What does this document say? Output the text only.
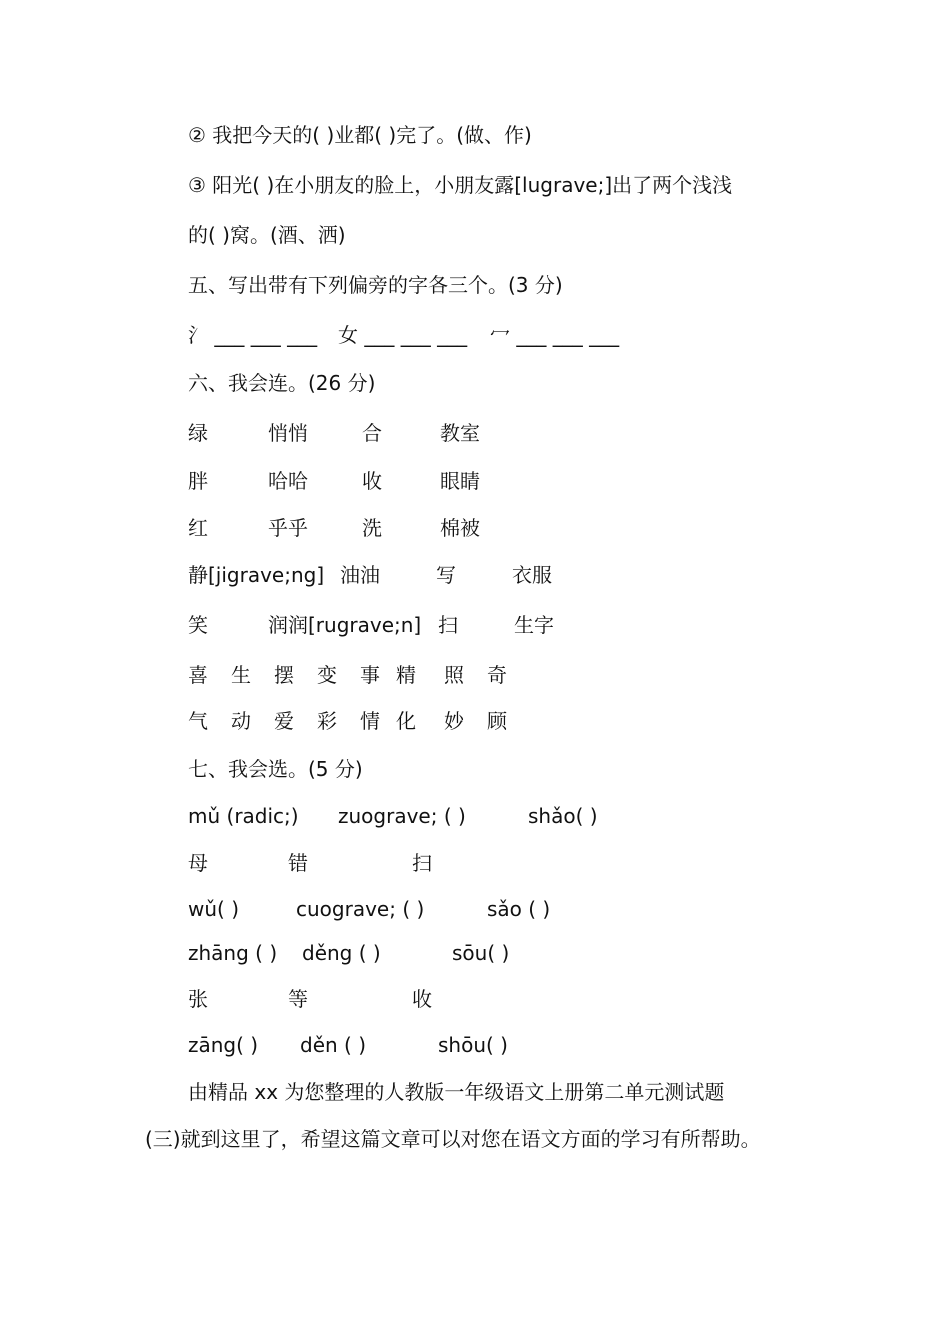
② 我把今天的( )业都( )完了。(做、作)
③ 阳光( )在小朋友的脸上，小朋友露[lugrave;]出了两个浅浅
的( )窝。(酒、洒)
五、写出带有下列偏旁的字各三个。(3 分)
氵 ___ ___ ___ 女 ___ ___ ___ 冖 ___ ___ ___
六、我会连。(26 分)
绿	悄悄	合	教室
胖	哈哈	收	眼睛
红	乎乎	洗	棉被
静[jigrave;ng] 油油	写	衣服
笑	润润[rugrave;n] 扫	生字
喜 生 摆 变 事 精 照 奇
气 动 爱 彩 情 化 妙 顾
七、我会选。(5 分)
mǔ (radic;) zuograve; ( )	shǎo( )
母	错	扫
wǔ( )	cuograve; ( )	sǎo ( )
zhāng ( ) děng ( )	sōu( )
张	等	收
zāng( ) děn ( )	shōu( )
由精品 xx 为您整理的人教版一年级语文上册第二单元测试题
(三)就到这里了，希望这篇文章可以对您在语文方面的学习有所帮助。
